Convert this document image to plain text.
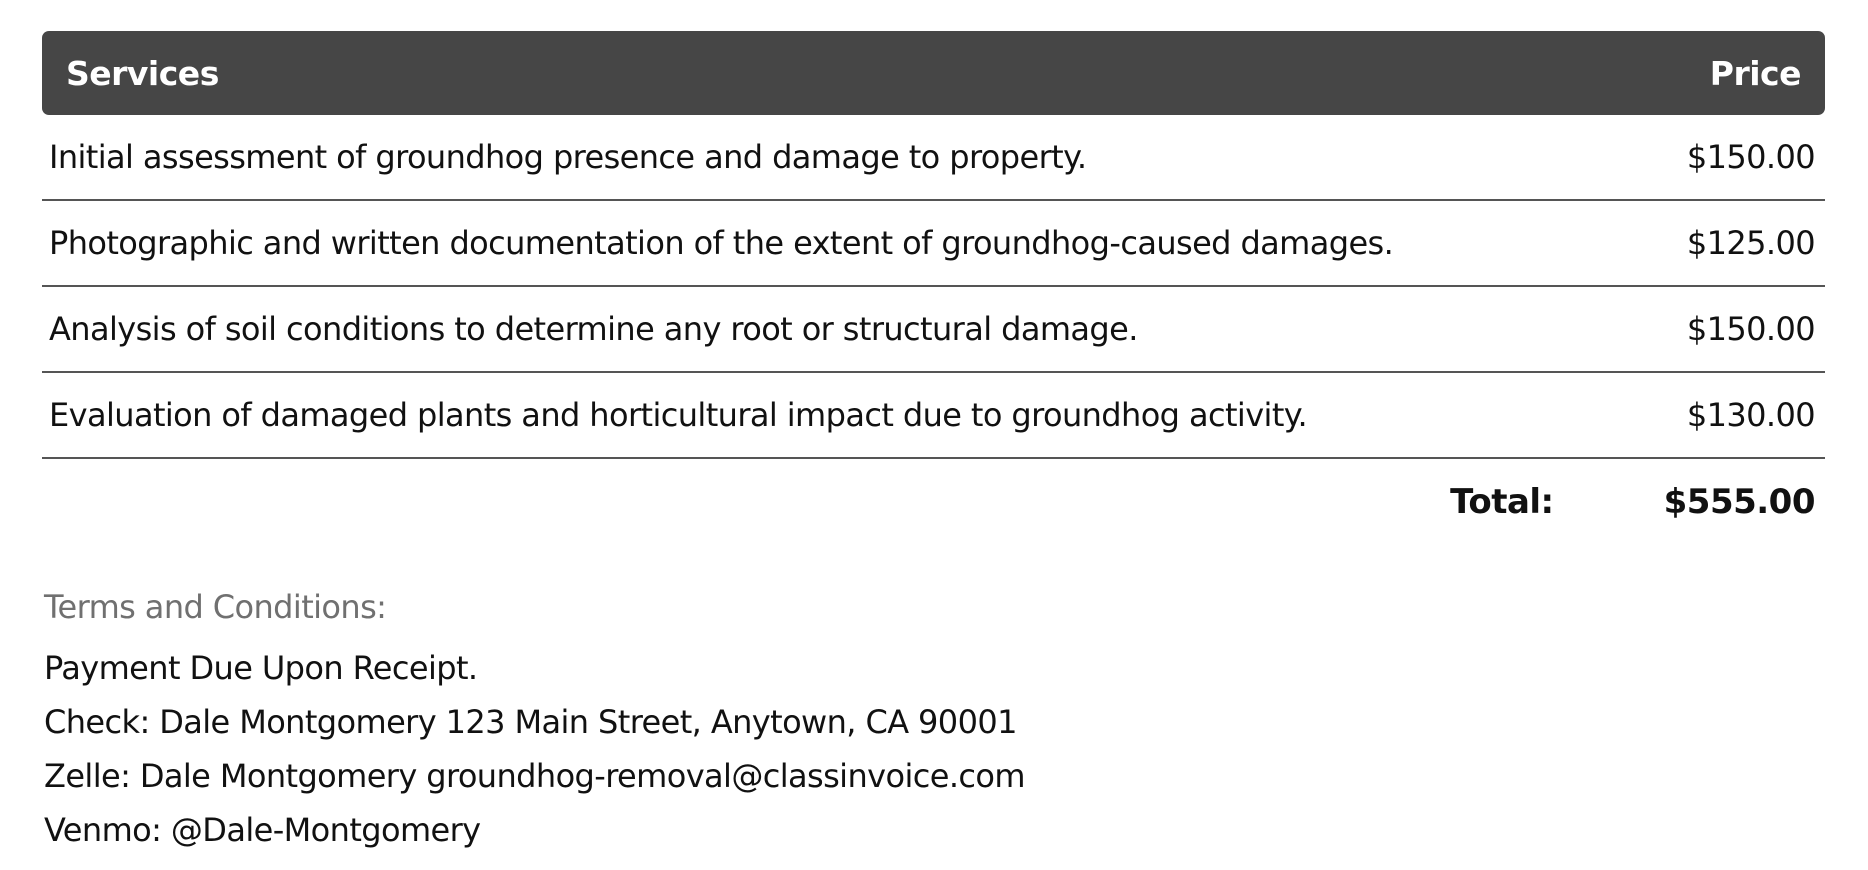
Services	Price
Initial assessment of groundhog presence and damage to property.	$150.00
Photographic and written documentation of the extent of groundhog-caused damages.	$125.00
Analysis of soil conditions to determine any root or structural damage.	$150.00
Evaluation of damaged plants and horticultural impact due to groundhog activity.	$130.00
Total:	$555.00
Terms and Conditions:
Payment Due Upon Receipt.
Check: Dale Montgomery 123 Main Street, Anytown, CA 90001
Zelle: Dale Montgomery groundhog-removal@classinvoice.com
Venmo: @Dale-Montgomery
